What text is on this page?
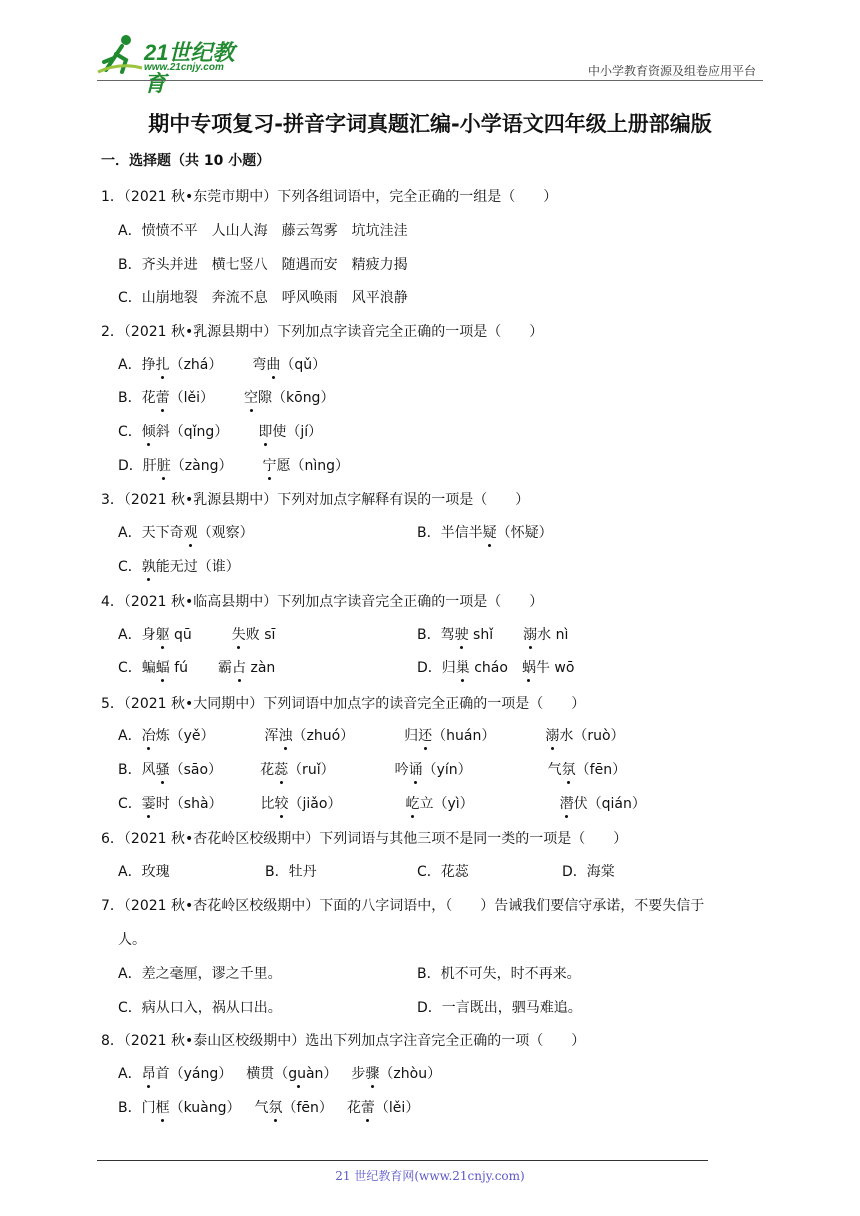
21世纪教育
www.21cnjy.com	中小学教育资源及组卷应用平台
期中专项复习-拼音字词真题汇编-小学语文四年级上册部编版
一．选择题（共 10 小题）
1．（2021 秋•东莞市期中）下列各组词语中，完全正确的一组是（　　）
A．愤愤不平　人山人海　藤云驾雾　坑坑洼洼
B．齐头并进　横七竖八　随遇而安　精疲力揭
C．山崩地裂　奔流不息　呼风唤雨　风平浪静
2．（2021 秋•乳源县期中）下列加点字读音完全正确的一项是（　　）
A．挣扎（zhá） 弯曲（qǔ）
B．花蕾（lěi） 空隙（kōng）
C．倾斜（qǐng） 即使（jí）
D．肝脏（zàng） 宁愿（nìng）
3．（2021 秋•乳源县期中）下列对加点字解释有误的一项是（　　）
A．天下奇观（观察）	B．半信半疑（怀疑）
C．孰能无过（谁）
4．（2021 秋•临高县期中）下列加点字读音完全正确的一项是（　　）
A．身躯 qū	失败 sī	B．驾驶 shǐ 溺水 nì
C．蝙蝠 fú 霸占 zàn	D．归巢 cháo 蜗牛 wō
5．（2021 秋•大同期中）下列词语中加点字的读音完全正确的一项是（　　）
A．冶炼（yě）	浑浊（zhuó）	归还（huán）	溺水（ruò）
B．风骚（sāo）	花蕊（ruǐ）	吟诵（yín）	气氛（fēn）
C．霎时（shà）	比较（jiǎo）	屹立（yì）	潜伏（qián）
6．（2021 秋•杏花岭区校级期中）下列词语与其他三项不是同一类的一项是（　　）
A．玫瑰	B．牡丹	C．花蕊	D．海棠
7．（2021 秋•杏花岭区校级期中）下面的八字词语中，（　　）告诫我们要信守承诺，不要失信于
人。
A．差之毫厘，谬之千里。	B．机不可失，时不再来。
C．病从口入，祸从口出。	D．一言既出，驷马难追。
8．（2021 秋•泰山区校级期中）选出下列加点字注音完全正确的一项（　　）
A．昂首（yáng） 横贯（guàn） 步骤（zhòu）
B．门框（kuàng） 气氛（fēn） 花蕾（lěi）
21 世纪教育网(www.21cnjy.com)
